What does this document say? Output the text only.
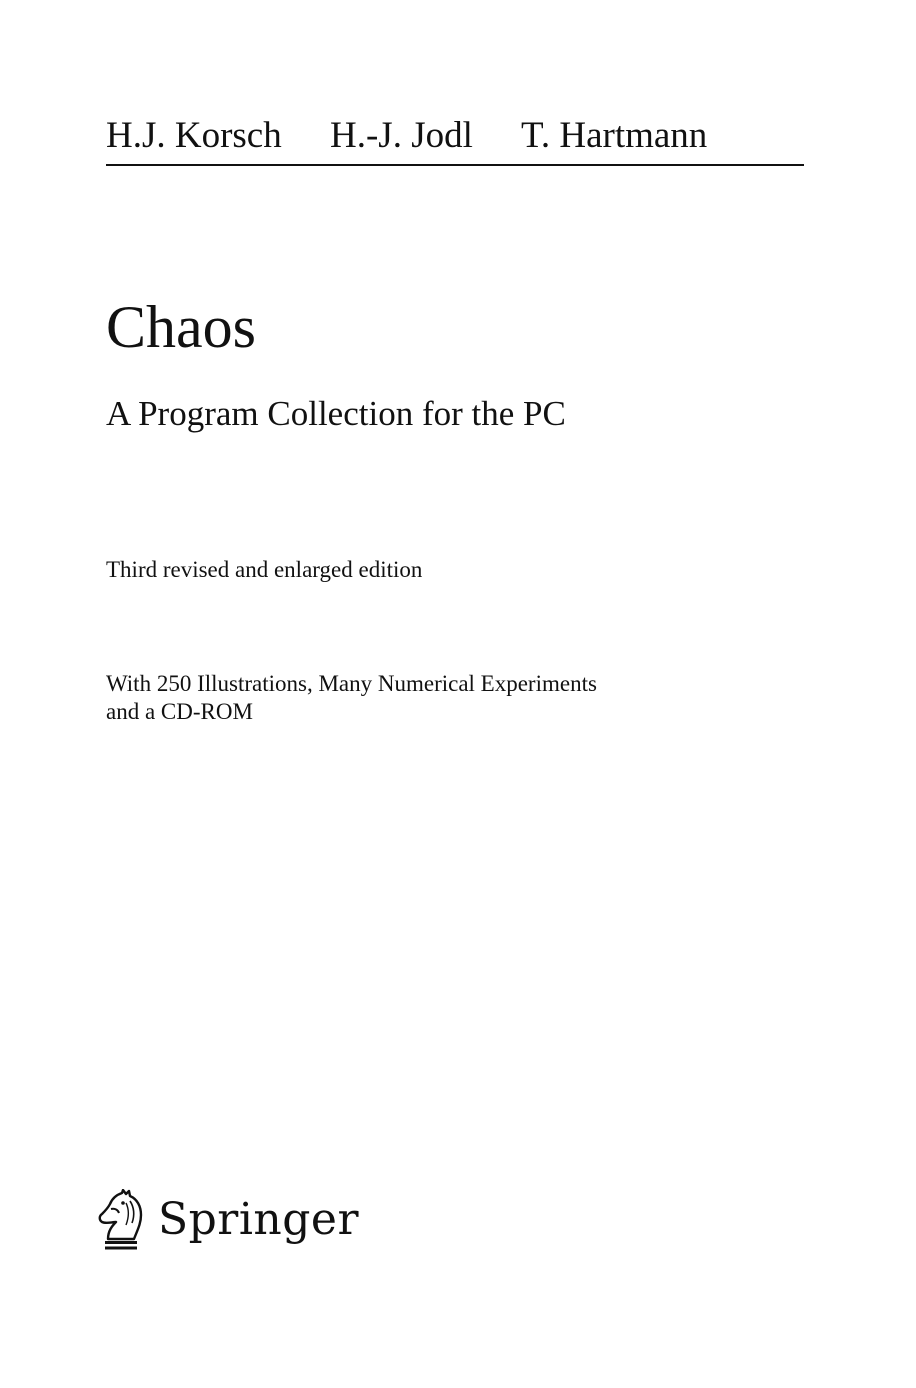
H.J. Korsch H.-J. Jodl T. Hartmann
Chaos
A Program Collection for the PC
Third revised and enlarged edition
With 250 Illustrations, Many Numerical Experiments
and a CD-ROM
Springer
